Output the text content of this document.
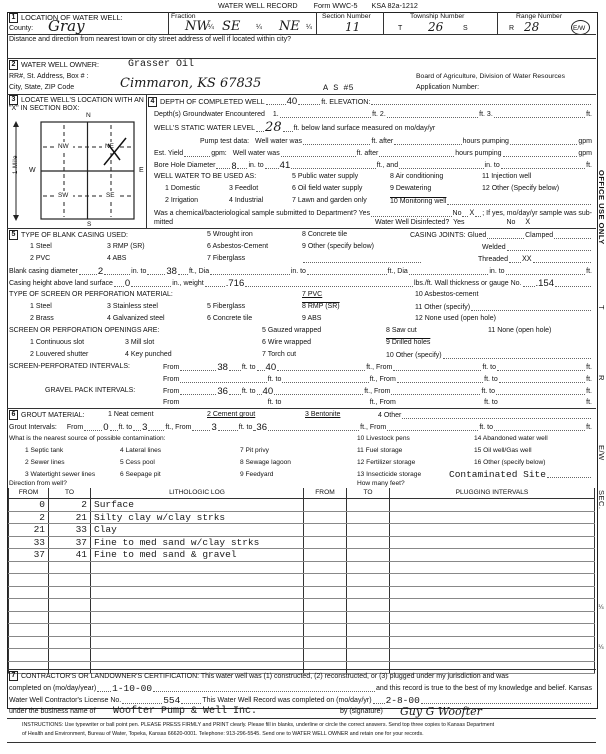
WATER WELL RECORD Form WWC-5 KSA 82a-1212
1 LOCATION OF WATER WELL:
County: Gray
Fraction
NW
¼ SE ¼ NE ¼
Section Number
11
Township Number
T 26	S
Range Number
R 28	E/W
Distance and direction from nearest town or city street address of well if located within city?
2 WATER WELL OWNER:	Grasser Oil
RR#, St. Address, Box # :
City, State, ZIP Code	Cimmaron, KS 67835	A S #5
Board of Agriculture, Division of Water Resources
Application Number:
3 LOCATE WELL'S LOCATION WITH AN "X" IN SECTION BOX:
N
S
W	E
1 Mile
NW	NE
SW	SE
4 DEPTH OF COMPLETED WELL 40	ft. ELEVATION:
Depth(s) Groundwater Encountered 1.	ft. 2.	ft. 3.	ft.
WELL'S STATIC WATER LEVEL 28 ft. below land surface measured on mo/day/yr
Pump test data: Well water was	ft. after	hours pumping	gpm
Est. Yield	gpm: Well water was	ft. after	hours pumping	gpm
Bore Hole Diameter 8 in. to 41	ft., and	in. to	ft.
WELL WATER TO BE USED AS:	5 Public water supply	8 Air conditioning	11 Injection well
1 Domestic	3 Feedlot	6 Oil field water supply	9 Dewatering	12 Other (Specify below)
2 Irrigation	4 Industrial	7 Lawn and garden only	10 Monitoring well
Was a chemical/bacteriological sample submitted to Department? Yes	No X ; If yes, mo/day/yr sample was sub-
mitted	Water Well Disinfected? Yes	No X
5 TYPE OF BLANK CASING USED:	5 Wrought iron	8 Concrete tile	CASING JOINTS: Glued	Clamped
1 Steel	3 RMP (SR)	6 Asbestos-Cement	9 Other (specify below)	Welded
2 PVC	4 ABS	7 Fiberglass	Threaded XX
Blank casing diameter 2	in. to 38 ft., Dia	in. to	ft., Dia	in. to	ft.
Casing height above land surface 0	in., weight .716	lbs./ft. Wall thickness or gauge No. .154
TYPE OF SCREEN OR PERFORATION MATERIAL:	7 PVC	10 Asbestos-cement
1 Steel	3 Stainless steel	5 Fiberglass	8 RMP (SR)	11 Other (specify)
2 Brass	4 Galvanized steel	6 Concrete tile	9 ABS	12 None used (open hole)
SCREEN OR PERFORATION OPENINGS ARE:	5 Gauzed wrapped	8 Saw cut	11 None (open hole)
1 Continuous slot	3 Mill slot	6 Wire wrapped	9 Drilled holes
2 Louvered shutter	4 Key punched	7 Torch cut	10 Other (specify)
SCREEN-PERFORATED INTERVALS:	From	38 ft. to 40	ft., From	ft. to	ft.
From	ft. to	ft., From	ft. to	ft.
GRAVEL PACK INTERVALS:	From	36 ft. to 40	ft., From	ft. to	ft.
From	ft. to	ft., From	ft. to	ft.
6 GROUT MATERIAL:	1 Neat cement	2 Cement grout	3 Bentonite	4 Other
Grout Intervals: From 0 ft. to 3	ft., From 3	ft. to 36	ft., From	ft. to	ft.
What is the nearest source of possible contamination:	10 Livestock pens	14 Abandoned water well
1 Septic tank	4 Lateral lines	7 Pit privy	11 Fuel storage	15 Oil well/Gas well
2 Sewer lines	5 Cess pool	8 Sewage lagoon	12 Fertilizer storage	16 Other (specify below)
3 Watertight sewer lines	6 Seepage pit	9 Feedyard	13 Insecticide storage	Contaminated Site
Direction from well?	How many feet?
FROM	TO	LITHOLOGIC LOG	FROM	TO	PLUGGING INTERVALS
0	2	Surface			
2	21	Silty clay w/clay strks			
21	33	Clay			
33	37	Fine to med sand w/clay strks			
37	41	Fine to med sand & gravel			

7 CONTRACTOR'S OR LANDOWNER'S CERTIFICATION: This water well was (1) constructed, (2) reconstructed, or (3) plugged under my jurisdiction and was
completed on (mo/day/year) 1-10-00	and this record is true to the best of my knowledge and belief. Kansas
Water Well Contractor's License No.	554	This Water Well Record was completed on (mo/day/yr) 2-8-00
under the business name of Woofter Pump & Well Inc.	by (signature) Guy G Woofter
INSTRUCTIONS: Use typewriter or ball point pen. PLEASE PRESS FIRMLY and PRINT clearly. Please fill in blanks, underline or circle the correct answers. Send top three copies to Kansas Department
of Health and Environment, Bureau of Water, Topeka, Kansas 66620-0001. Telephone: 913-296-5545. Send one to WATER WELL OWNER and retain one for your records.
OFFICE USE ONLY
T
R
E/W
SEC.
¼
¼
